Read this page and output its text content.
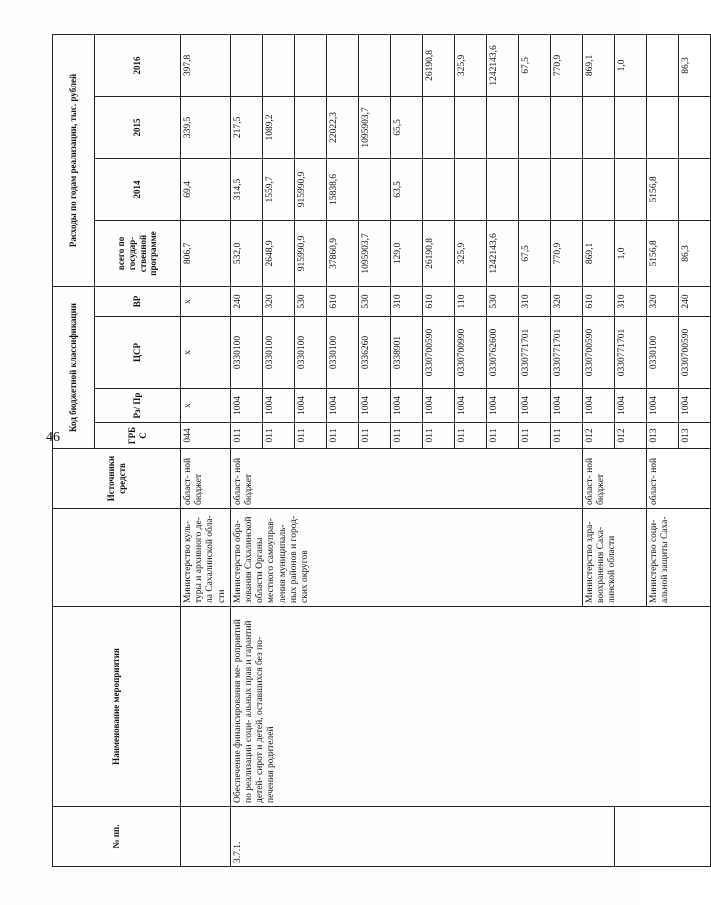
46
№ пп.	Наименование мероприятия		Источники средств	Код бюджетной классификации				Расходы по годам реализации, тыс. рублей			
				ГРБ С	Рз/ Пр	ЦСР	ВР	всего по государ- ственной программе	2014	2015	2016
		Министерство куль- туры и архивного де- ла Сахалинской обла- сти	област- ной бюджет	044	x	x	x	806,7	69,4	339,5	397,8
3.7.1.	Обеспечение финансирования ме- роприятий по реализации соци- альных прав и гарантий детей- сирот и детей, оставшихся без по- печения родителей	Министерство обра- зования Сахалинской области Органы местного самоуправ- ления муниципаль- ных районов и город- ских округов	област- ной бюджет	011	1004	0330100	240	532,0	314,5	217,5	
				011	1004	0330100	320	2648,9	1559,7	1089,2	
				011	1004	0330100	530	915990,9	915990,9		
				011	1004	0330100	610	37860,9	15838,6	22022,3	
				011	1004	0336260	530	1095903,7		1095903,7	
				011	1004	0338901	310	129,0	63,5	65,5	
				011	1004	0330700590	610	26190,8			26190,8
				011	1004	0330700990	110	325,9			325,9
				011	1004	0330762600	530	1242143,6			1242143,6
				011	1004	0330771701	310	67,5			67,5
				011	1004	0330771701	320	770,9			770,9
		Министерство здра- воохранения Саха- линской области	област- ной бюджет	012	1004	0330700590	610	869,1			869,1
				012	1004	0330771701	310	1,0			1,0
		Министерство соци- альной защиты Саха-	област- ной	013	1004	0330100	320	5156,8	5156,8		
				013	1004	0330700590	240	86,3			86,3
